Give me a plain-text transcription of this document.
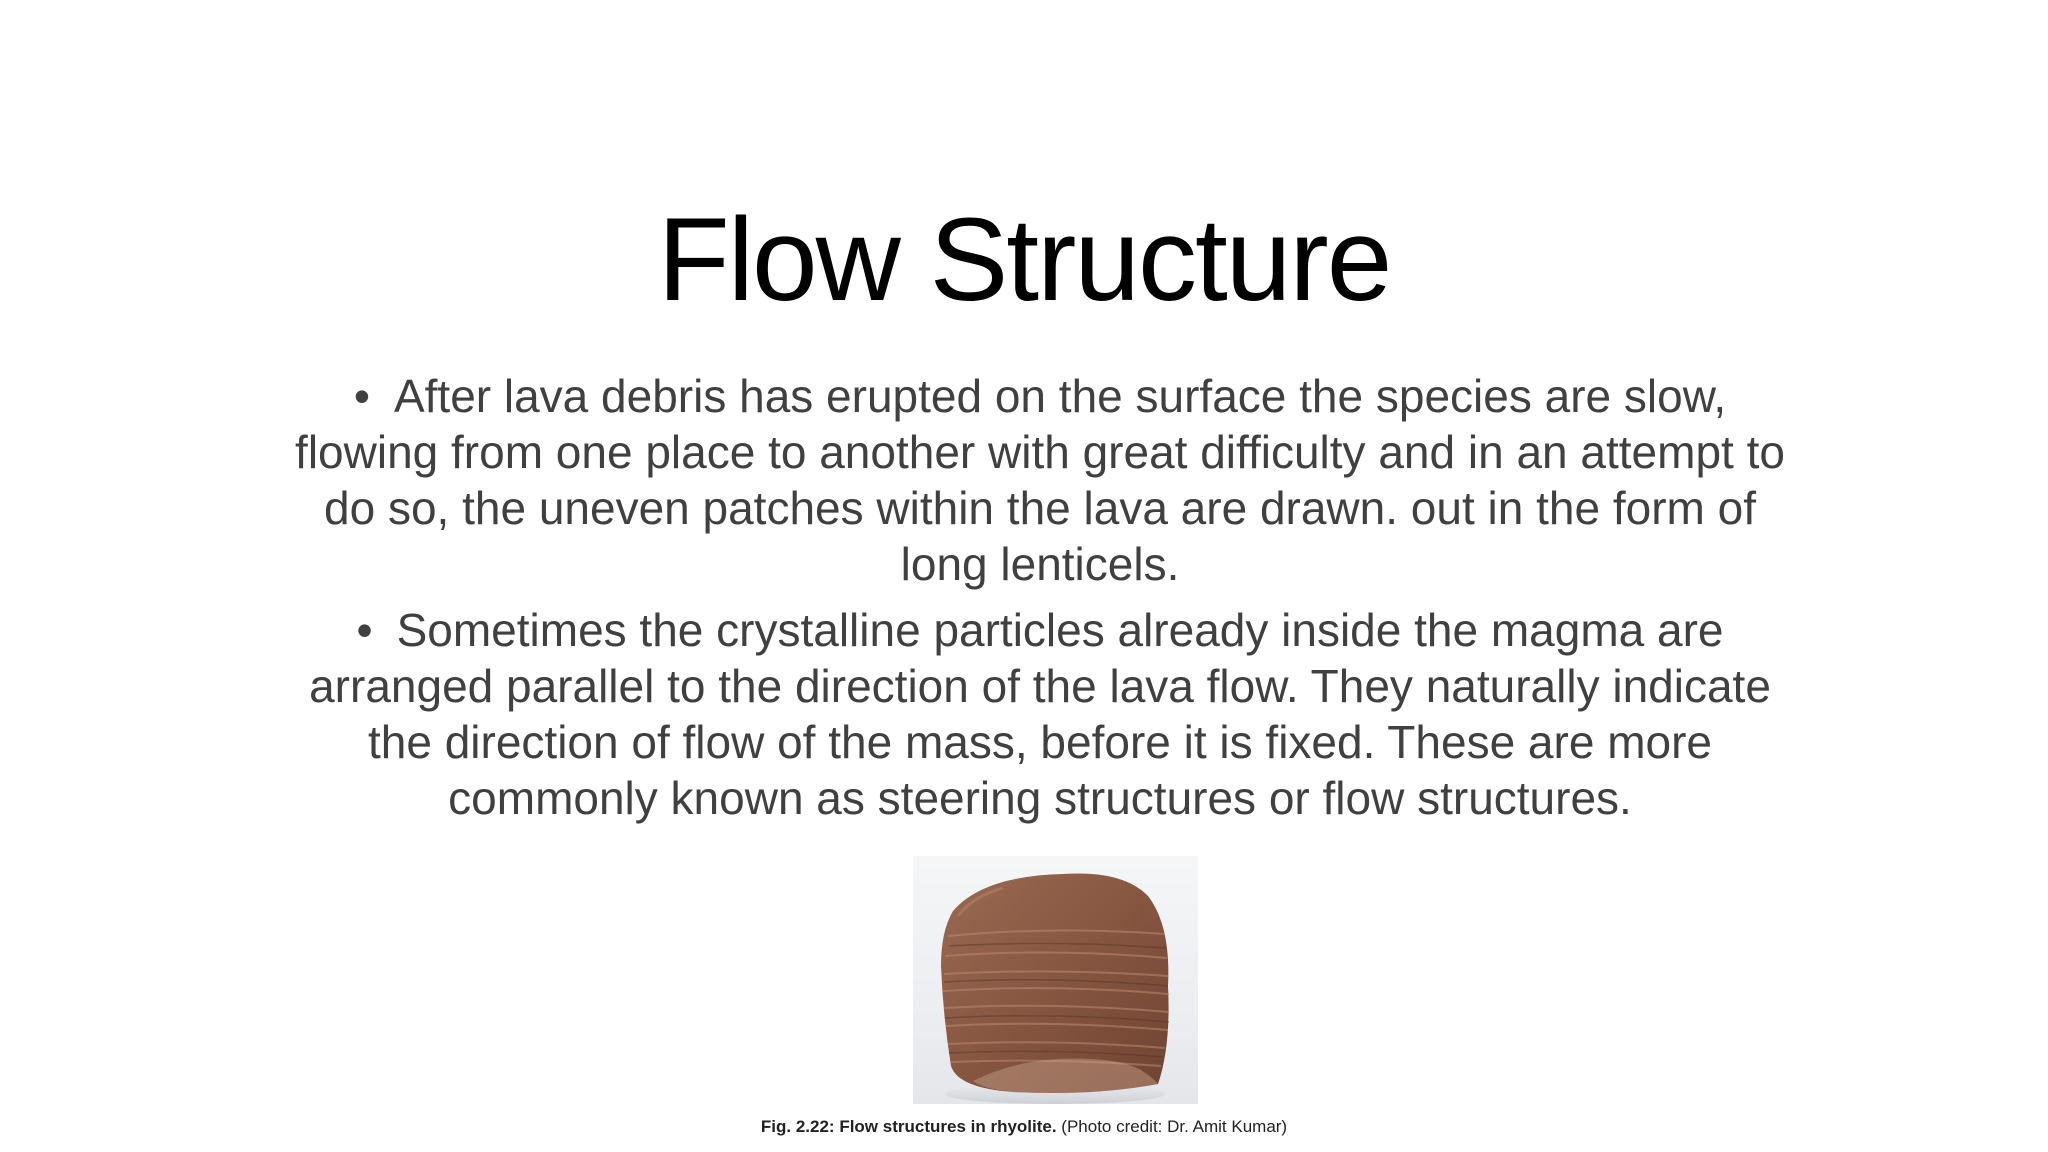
Flow Structure

• After lava debris has erupted on the surface the species are slow, flowing from one place to another with great difficulty and in an attempt to do so, the uneven patches within the lava are drawn. out in the form of long lenticels.

• Sometimes the crystalline particles already inside the magma are arranged parallel to the direction of the lava flow. They naturally indicate the direction of flow of the mass, before it is fixed. These are more commonly known as steering structures or flow structures.

Fig. 2.22: Flow structures in rhyolite. (Photo credit: Dr. Amit Kumar)
